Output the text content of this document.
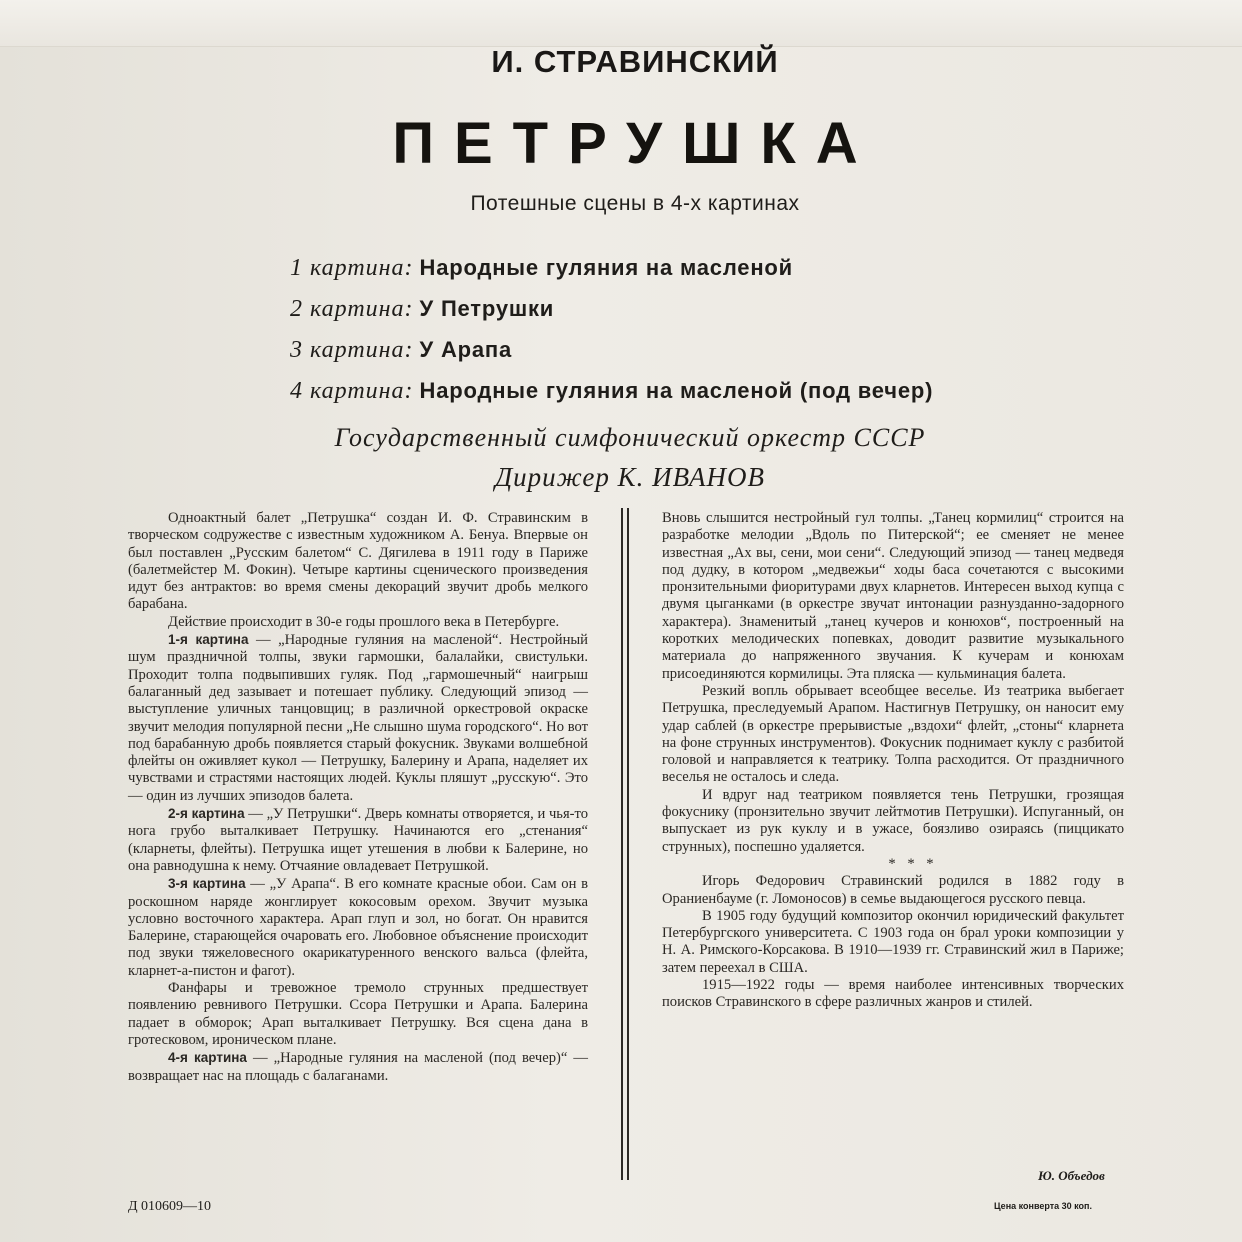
И. СТРАВИНСКИЙ
ПЕТРУШКА
Потешные сцены в 4-х картинах
1 картина: Народные гуляния на масленой
2 картина: У Петрушки
3 картина: У Арапа
4 картина: Народные гуляния на масленой (под вечер)
Государственный симфонический оркестр СССР
Дирижер К. ИВАНОВ

Одноактный балет „Петрушка“ создан И. Ф. Стравинским в творческом содружестве с известным художником А. Бенуа. Впервые он был поставлен „Русским балетом“ С. Дягилева в 1911 году в Париже (балетмейстер М. Фокин). Четыре картины сценического произведения идут без антрактов: во время смены декораций звучит дробь мелкого барабана.

Действие происходит в 30-е годы прошлого века в Петербурге.

1-я картина — „Народные гуляния на масленой“. Нестройный шум праздничной толпы, звуки гармошки, балалайки, свистульки. Проходит толпа подвыпивших гуляк. Под „гармошечный“ наигрыш балаганный дед зазывает и потешает публику. Следующий эпизод — выступление уличных танцовщиц; в различной оркестровой окраске звучит мелодия популярной песни „Не слышно шума городского“. Но вот под барабанную дробь появляется старый фокусник. Звуками волшебной флейты он оживляет кукол — Петрушку, Балерину и Арапа, наделяет их чувствами и страстями настоящих людей. Куклы пляшут „русскую“. Это — один из лучших эпизодов балета.

2-я картина — „У Петрушки“. Дверь комнаты отворяется, и чья-то нога грубо выталкивает Петрушку. Начинаются его „стенания“ (кларнеты, флейты). Петрушка ищет утешения в любви к Балерине, но она равнодушна к нему. Отчаяние овладевает Петрушкой.

3-я картина — „У Арапа“. В его комнате красные обои. Сам он в роскошном наряде жонглирует кокосовым орехом. Звучит музыка условно восточного характера. Арап глуп и зол, но богат. Он нравится Балерине, старающейся очаровать его. Любовное объяснение происходит под звуки тяжеловесного окарикатуренного венского вальса (флейта, кларнет-а-пистон и фагот).

Фанфары и тревожное тремоло струнных предшествует появлению ревнивого Петрушки. Ссора Петрушки и Арапа. Балерина падает в обморок; Арап выталкивает Петрушку. Вся сцена дана в гротесковом, ироническом плане.

4-я картина — „Народные гуляния на масленой (под вечер)“ — возвращает нас на площадь с балаганами.

Вновь слышится нестройный гул толпы. „Танец кормилиц“ строится на разработке мелодии „Вдоль по Питерской“; ее сменяет не менее известная „Ах вы, сени, мои сени“. Следующий эпизод — танец медведя под дудку, в котором „медвежьи“ ходы баса сочетаются с высокими пронзительными фиоритурами двух кларнетов. Интересен выход купца с двумя цыганками (в оркестре звучат интонации разнузданно-задорного характера). Знаменитый „танец кучеров и конюхов“, построенный на коротких мелодических попевках, доводит развитие музыкального материала до напряженного звучания. К кучерам и конюхам присоединяются кормилицы. Эта пляска — кульминация балета.

Резкий вопль обрывает всеобщее веселье. Из театрика выбегает Петрушка, преследуемый Арапом. Настигнув Петрушку, он наносит ему удар саблей (в оркестре прерывистые „вздохи“ флейт, „стоны“ кларнета на фоне струнных инструментов). Фокусник поднимает куклу с разбитой головой и направляется к театрику. Толпа расходится. От праздничного веселья не осталось и следа.

И вдруг над театриком появляется тень Петрушки, грозящая фокуснику (пронзительно звучит лейтмотив Петрушки). Испуганный, он выпускает из рук куклу и в ужасе, боязливо озираясь (пиццикато струнных), поспешно удаляется.

* * *

Игорь Федорович Стравинский родился в 1882 году в Ораниенбауме (г. Ломоносов) в семье выдающегося русского певца.

В 1905 году будущий композитор окончил юридический факультет Петербургского университета. С 1903 года он брал уроки композиции у Н. А. Римского-Корсакова. В 1910—1939 гг. Стравинский жил в Париже; затем переехал в США.

1915—1922 годы — время наиболее интенсивных творческих поисков Стравинского в сфере различных жанров и стилей.

Ю. Объедов
Д 010609—10	Цена конверта 30 коп.
